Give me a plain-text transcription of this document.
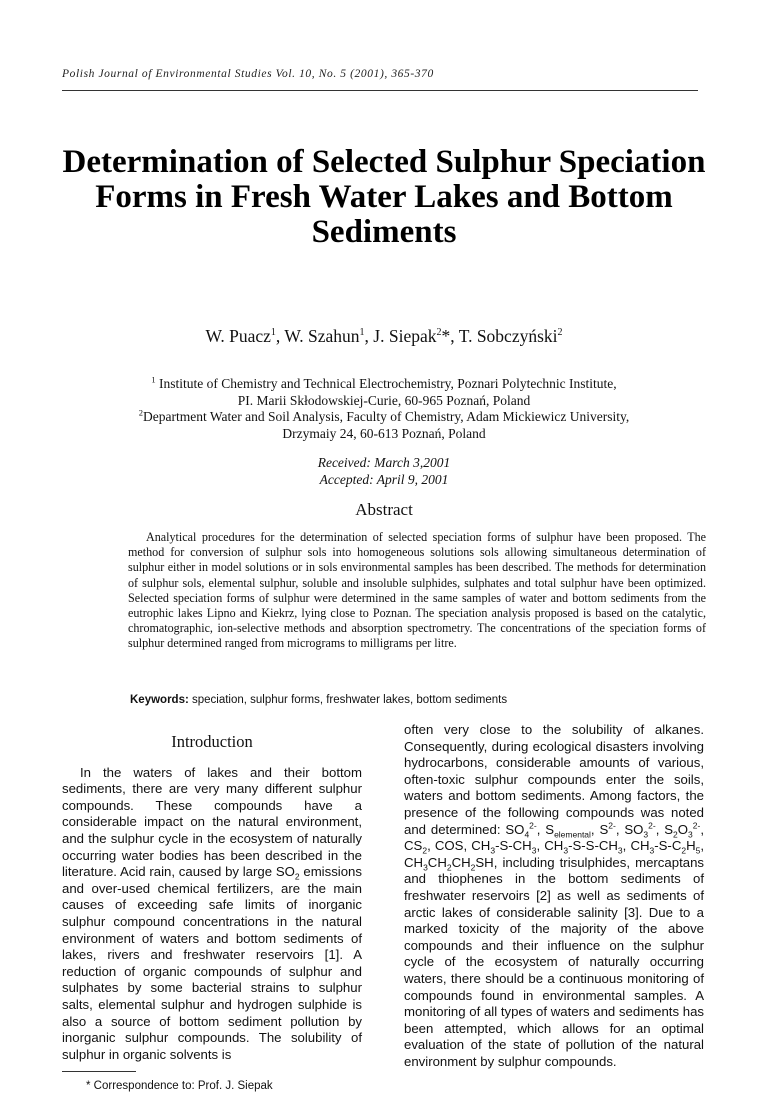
Polish Journal of Environmental Studies Vol. 10, No. 5 (2001), 365-370
Determination of Selected Sulphur Speciation Forms in Fresh Water Lakes and Bottom Sediments
W. Puacz$^1$, W. Szahun$^1$, J. Siepak$^2$*, T. Sobczyński$^2$

$^1$ Institute of Chemistry and Technical Electrochemistry, Poznari Polytechnic Institute,

PI. Marii Skłodowskiej-Curie, 60-965 Poznań, Poland

$^2$Department Water and Soil Analysis, Faculty of Chemistry, Adam Mickiewicz University,

Drzymaiy 24, 60-613 Poznań, Poland

Received: March 3,2001

Accepted: April 9, 2001

Abstract

Analytical procedures for the determination of selected speciation forms of sulphur have been proposed. The method for conversion of sulphur sols into homogeneous solutions sols allowing simultaneous determination of sulphur either in model solutions or in sols environmental samples has been described. The methods for determination of sulphur sols, elemental sulphur, soluble and insoluble sulphides, sulphates and total sulphur have been optimized. Selected speciation forms of sulphur were determined in the same samples of water and bottom sediments from the eutrophic lakes Lipno and Kiekrz, lying close to Poznan. The speciation analysis proposed is based on the catalytic, chromatographic, ion-selective methods and absorption spectrometry. The concentrations of the speciation forms of sulphur determined ranged from micrograms to milligrams per litre.

Keywords: speciation, sulphur forms, freshwater lakes, bottom sediments

Introduction

In the waters of lakes and their bottom sediments, there are very many different sulphur compounds. These compounds have a considerable impact on the natural environment, and the sulphur cycle in the ecosystem of naturally occurring water bodies has been described in the literature. Acid rain, caused by large $SO_2$ emissions and over-used chemical fertilizers, are the main causes of exceeding safe limits of inorganic sulphur compound concentrations in the natural environment of waters and bottom sediments of lakes, rivers and freshwater reservoirs [1]. A reduction of organic compounds of sulphur and sulphates by some bacterial strains to sulphur salts, elemental sulphur and hydrogen sulphide is also a source of bottom sediment pollution by inorganic sulphur compounds. The solubility of sulphur in organic solvents is

* Correspondence to: Prof. J. Siepak

often very close to the solubility of alkanes. Consequently, during ecological disasters involving hydrocarbons, considerable amounts of various, often-toxic sulphur compounds enter the soils, waters and bottom sediments. Among factors, the presence of the following compounds was noted and determined: $SO_4^{2-}$, $S_{elemental}$, $S^{2-}$, $SO_3^{2-}$, $S_2O_3^{2-}$, $CS_2$, COS, $CH_3-S-CH_3$, $CH_3-S-S-CH_3$, $CH_3-S-C_2H_5$, $CH_3CH_2CH_2SH$, including trisulphides, mercaptans and thiophenes in the bottom sediments of freshwater reservoirs [2] as well as sediments of arctic lakes of considerable salinity [3]. Due to a marked toxicity of the majority of the above compounds and their influence on the sulphur cycle of the ecosystem of naturally occurring waters, there should be a continuous monitoring of compounds found in environmental samples. A monitoring of all types of waters and sediments has been attempted, which allows for an optimal evaluation of the state of pollution of the natural environment by sulphur compounds.
